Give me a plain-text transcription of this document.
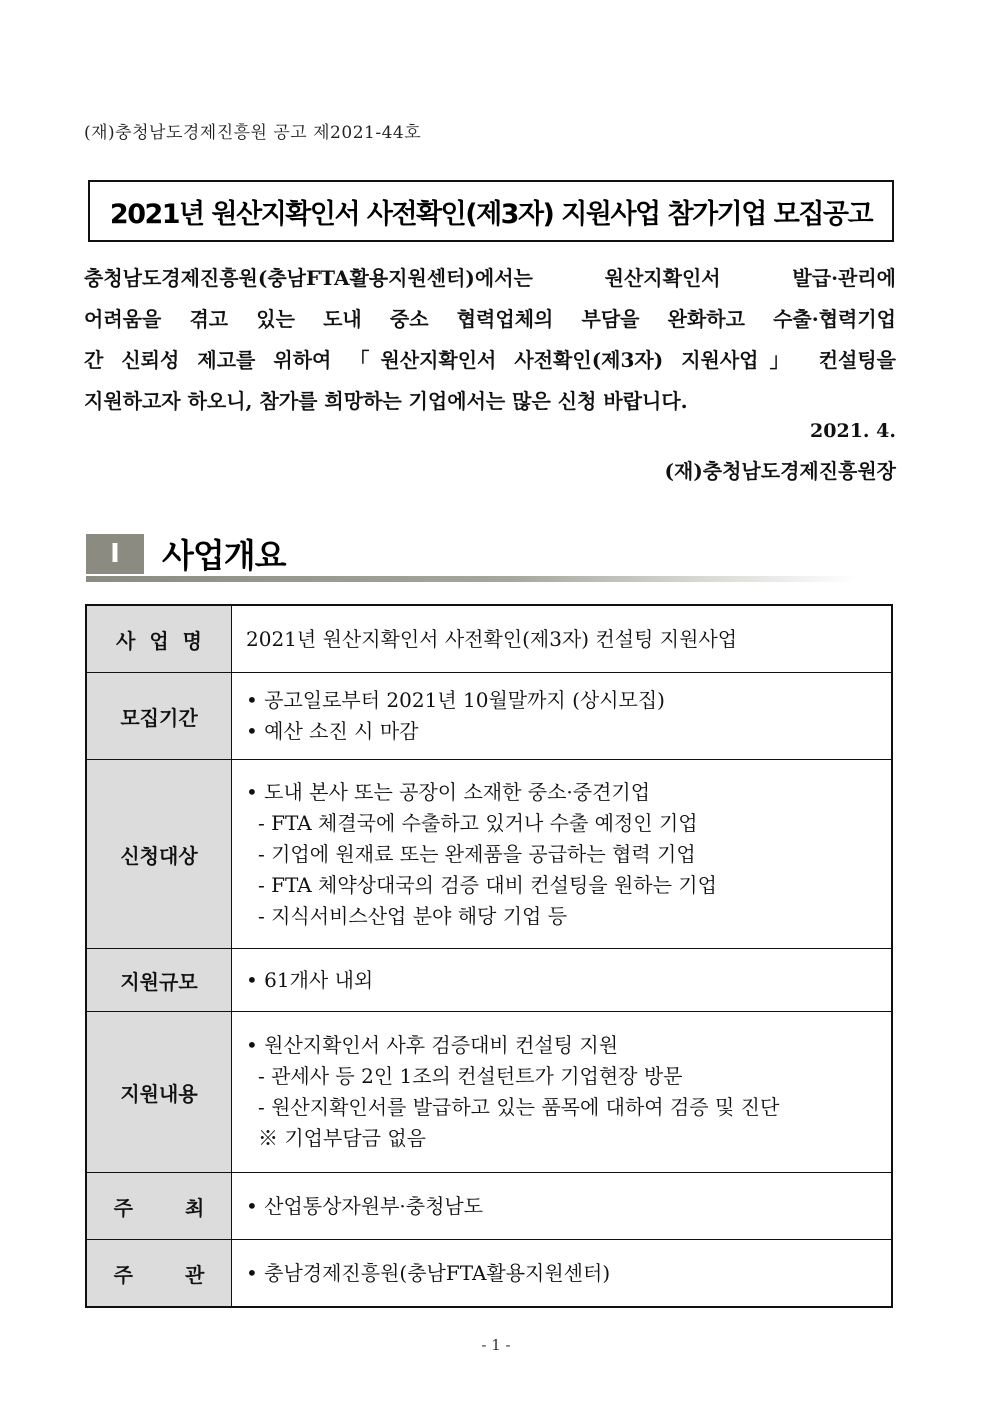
(재)충청남도경제진흥원 공고 제2021-44호
2021년 원산지확인서 사전확인(제3자) 지원사업 참가기업 모집공고

충청남도경제진흥원(충남FTA활용지원센터)에서는 원산지확인서 발급·관리에

어려움을 겪고 있는 도내 중소 협력업체의 부담을 완화하고 수출·협력기업

간 신뢰성 제고를 위하여 「원산지확인서 사전확인(제3자) 지원사업」 컨설팅을

지원하고자 하오니, 참가를 희망하는 기업에서는 많은 신청 바랍니다.

2021. 4.
(재)충청남도경제진흥원장
Ⅰ	사업개요
사업명	2021년 원산지확인서 사전확인(제3자) 컨설팅 지원사업

모집기간	• 공고일로부터 2021년 10월말까지 (상시모집)
• 예산 소진 시 마감

신청대상	• 도내 본사 또는 공장이 소재한 중소·중견기업
- FTA 체결국에 수출하고 있거나 수출 예정인 기업
- 기업에 원재료 또는 완제품을 공급하는 협력 기업
- FTA 체약상대국의 검증 대비 컨설팅을 원하는 기업
- 지식서비스산업 분야 해당 기업 등

지원규모	• 61개사 내외

지원내용	• 원산지확인서 사후 검증대비 컨설팅 지원
- 관세사 등 2인 1조의 컨설턴트가 기업현장 방문
- 원산지확인서를 발급하고 있는 품목에 대하여 검증 및 진단
※ 기업부담금 없음

주최	• 산업통상자원부·충청남도

주관	• 충남경제진흥원(충남FTA활용지원센터)
- 1 -
